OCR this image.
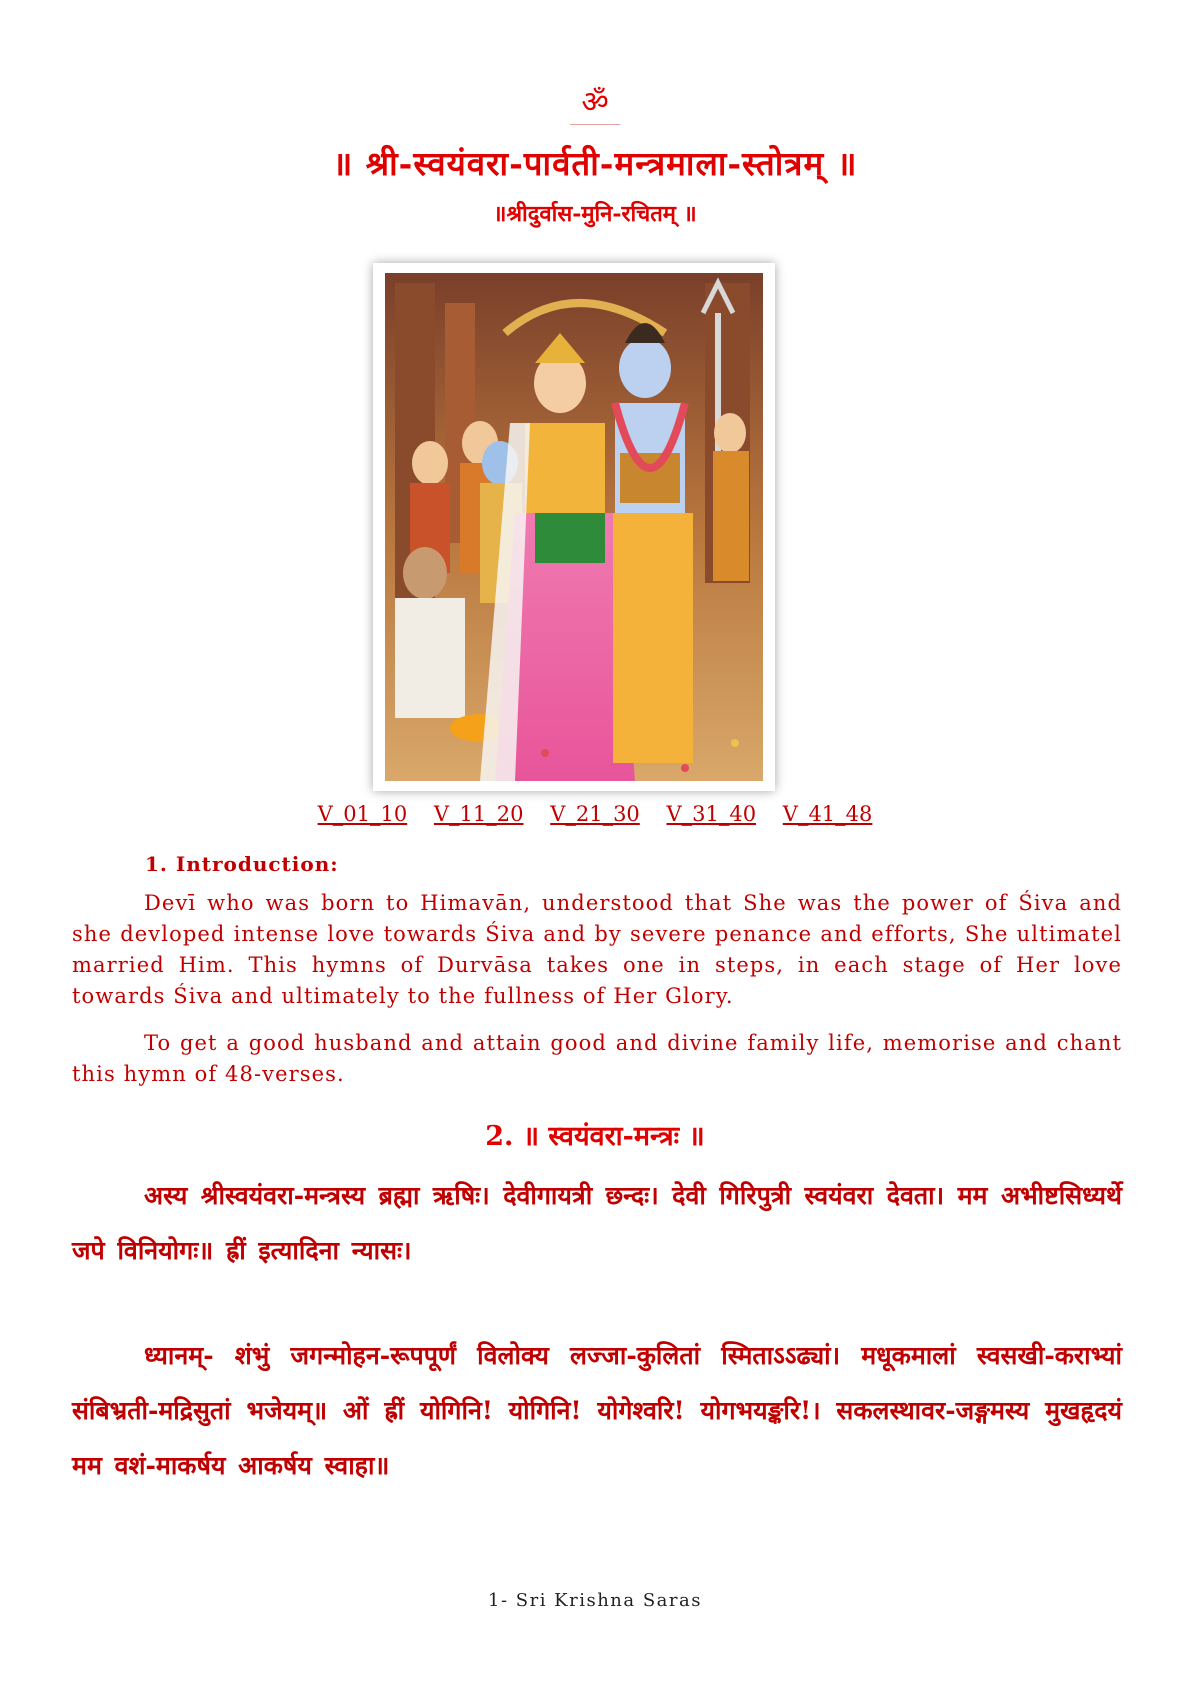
ॐ
॥ श्री-स्वयंवरा-पार्वती-मन्त्रमाला-स्तोत्रम् ॥
॥श्रीदुर्वास-मुनि-रचितम् ॥
V_01_10 V_11_20 V_21_30 V_31_40 V_41_48
1. Introduction:

Devī who was born to Himavān, understood that She was the power of Śiva and she devloped intense love towards Śiva and by severe penance and efforts, She ultimatel married Him. This hymns of Durvāsa takes one in steps, in each stage of Her love towards Śiva and ultimately to the fullness of Her Glory.

To get a good husband and attain good and divine family life, memorise and chant this hymn of 48-verses.

2. ॥ स्वयंवरा-मन्त्रः ॥

अस्य श्रीस्वयंवरा-मन्त्रस्य ब्रह्मा ऋषिः। देवीगायत्री छन्दः। देवी गिरिपुत्री स्वयंवरा देवता। मम अभीष्टसिध्यर्थे जपे विनियोगः॥ ह्रीं इत्यादिना न्यासः।

ध्यानम्- शंभुं जगन्मोहन-रूपपूर्णं विलोक्य लज्जा-कुलितां स्मिताऽऽढ्यां। मधूकमालां स्वसखी-कराभ्यां संबिभ्रती-मद्रिसुतां भजेयम्॥ ओं ह्रीं योगिनि! योगिनि! योगेश्वरि! योगभयङ्करि!। सकलस्थावर-जङ्गमस्य मुखहृदयं मम वशं-माकर्षय आकर्षय स्वाहा॥

1- Sri Krishna Saras
